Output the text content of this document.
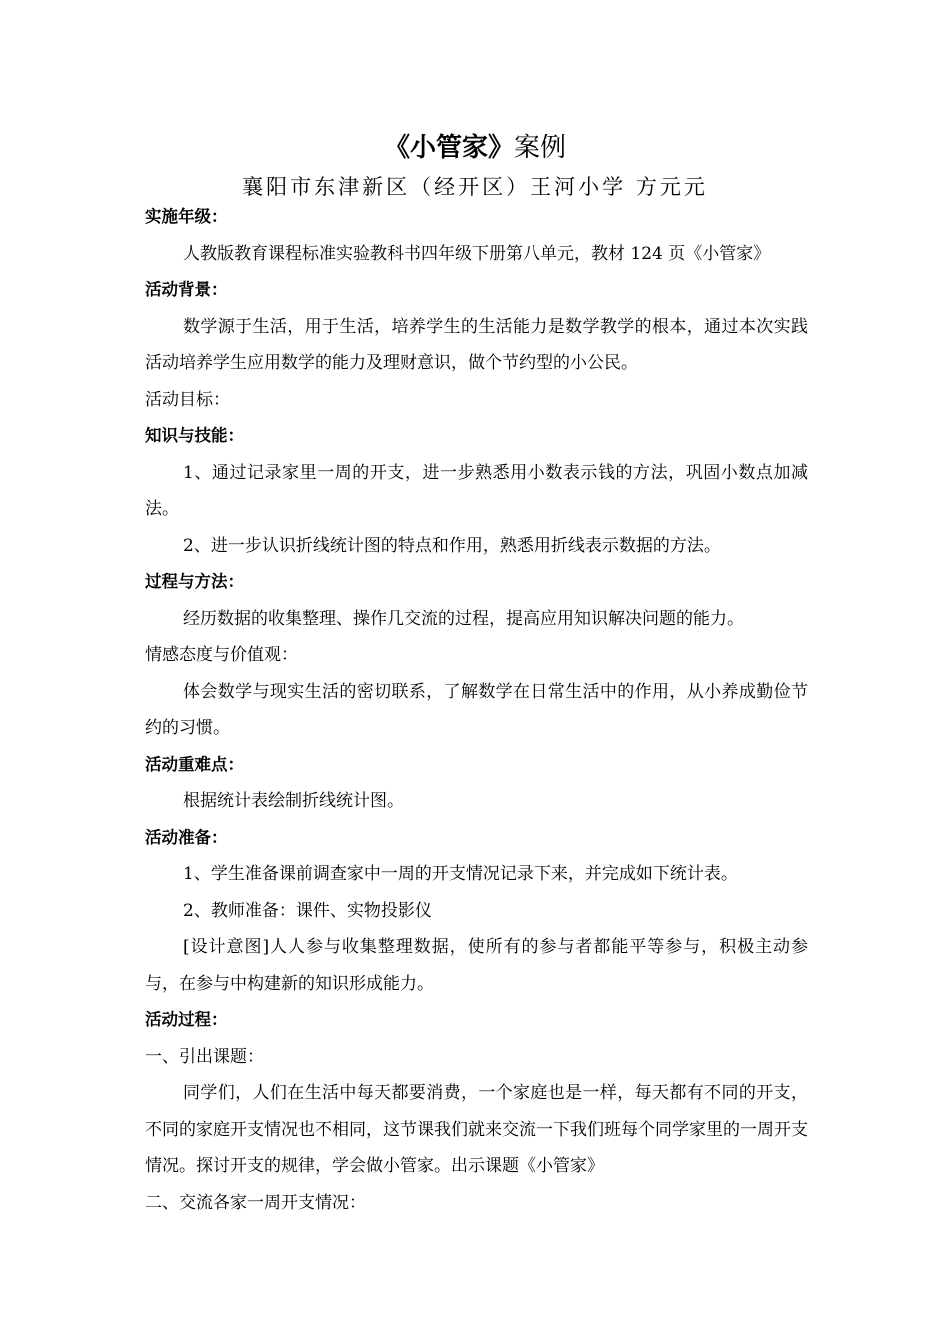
《小管家》案例
襄阳市东津新区（经开区）王河小学 方元元
实施年级：
人教版教育课程标准实验教科书四年级下册第八单元，教材 124 页《小管家》
活动背景：
数学源于生活，用于生活，培养学生的生活能力是数学教学的根本，通过本次实践活动培养学生应用数学的能力及理财意识，做个节约型的小公民。
活动目标：
知识与技能：
1、通过记录家里一周的开支，进一步熟悉用小数表示钱的方法，巩固小数点加减法。
2、进一步认识折线统计图的特点和作用，熟悉用折线表示数据的方法。
过程与方法：
经历数据的收集整理、操作几交流的过程，提高应用知识解决问题的能力。
情感态度与价值观：
体会数学与现实生活的密切联系，了解数学在日常生活中的作用，从小养成勤俭节约的习惯。
活动重难点：
根据统计表绘制折线统计图。
活动准备：
1、学生准备课前调查家中一周的开支情况记录下来，并完成如下统计表。
2、教师准备：课件、实物投影仪
[设计意图]人人参与收集整理数据，使所有的参与者都能平等参与，积极主动参与，在参与中构建新的知识形成能力。
活动过程：
一、引出课题：
同学们，人们在生活中每天都要消费，一个家庭也是一样，每天都有不同的开支，不同的家庭开支情况也不相同，这节课我们就来交流一下我们班每个同学家里的一周开支情况。探讨开支的规律，学会做小管家。出示课题《小管家》
二、交流各家一周开支情况：
